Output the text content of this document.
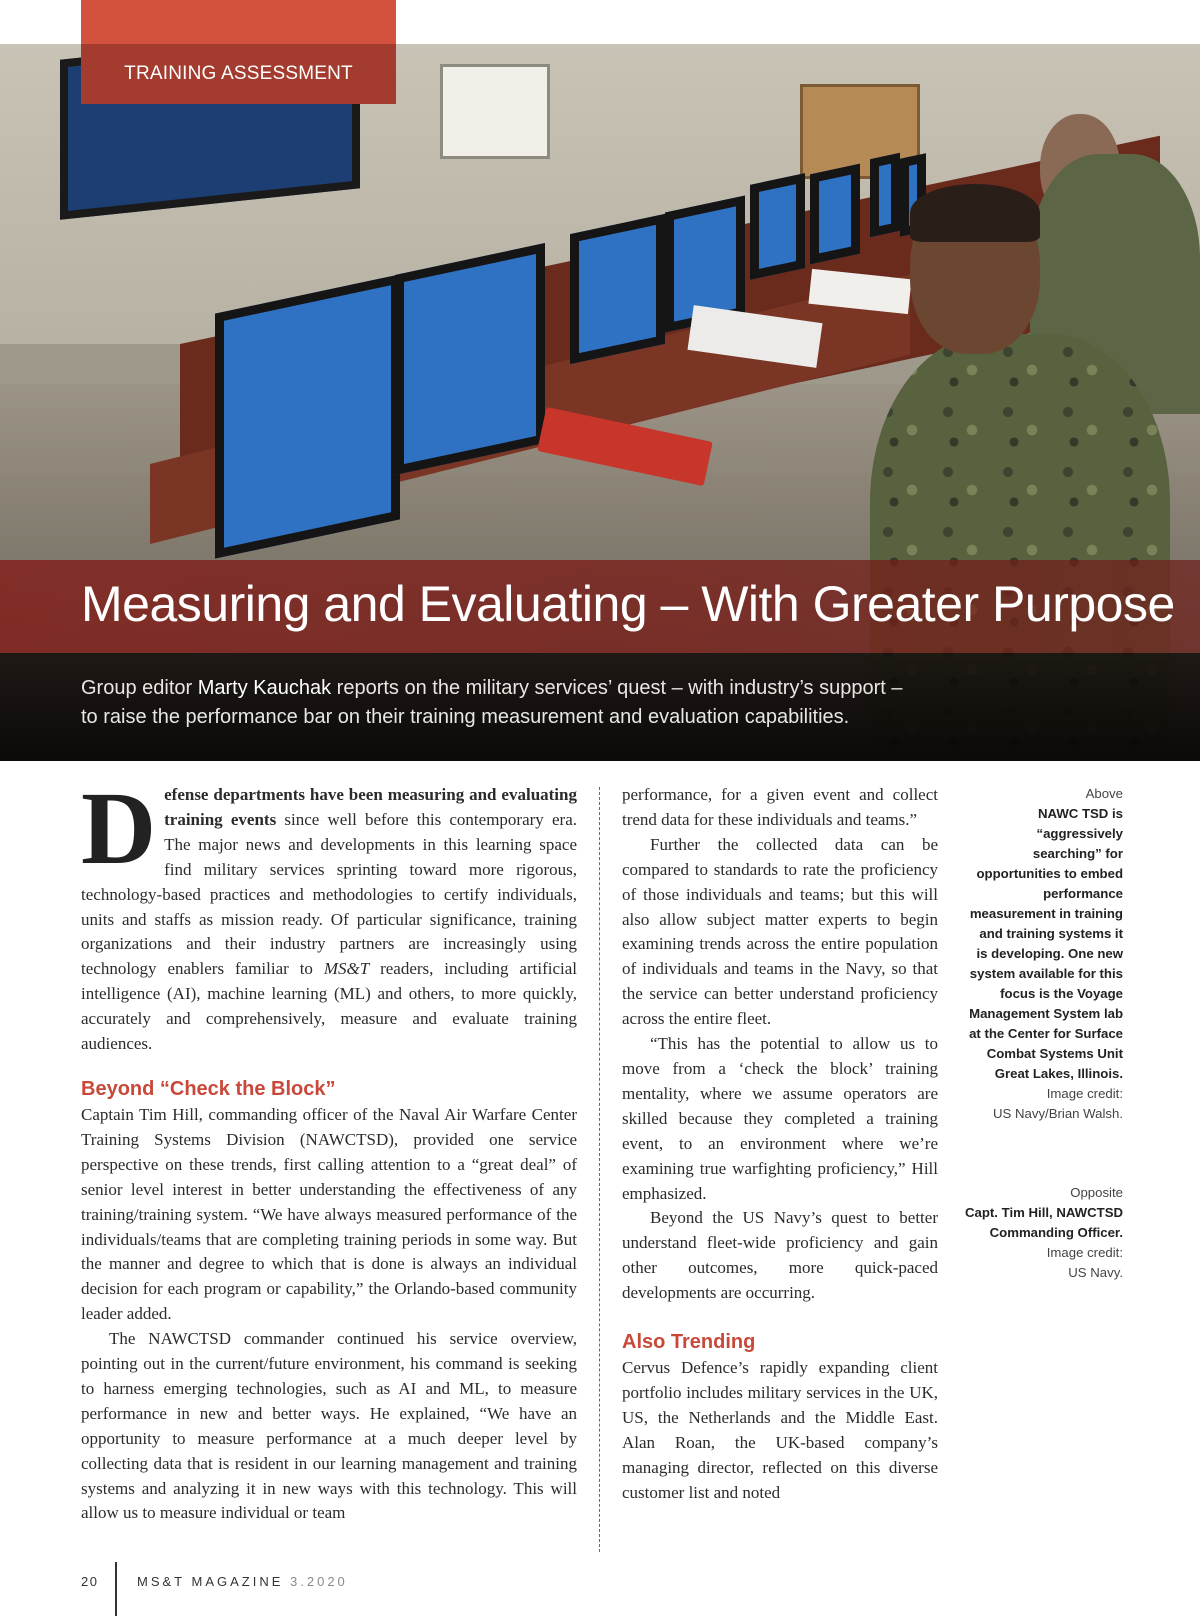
TRAINING ASSESSMENT
Measuring and Evaluating – With Greater Purpose

Group editor Marty Kauchak reports on the military services’ quest – with industry’s support –
to raise the performance bar on their training measurement and evaluation capabilities.

Defense departments have been measuring and evaluating training events since well before this contemporary era. The major news and developments in this learning space find military services sprinting toward more rigorous, technology-based practices and methodologies to certify individuals, units and staffs as mission ready. Of particular significance, training organizations and their industry partners are increasingly using technology enablers familiar to MS&T readers, including artificial intelligence (AI), machine learning (ML) and others, to more quickly, accurately and comprehensively, measure and evaluate training audiences.

Beyond “Check the Block”

Captain Tim Hill, commanding officer of the Naval Air Warfare Center Training Systems Division (NAWCTSD), provided one service perspective on these trends, first calling attention to a “great deal” of senior level interest in better understanding the effectiveness of any training/training system. “We have always measured performance of the individuals/teams that are completing training periods in some way. But the manner and degree to which that is done is always an individual decision for each program or capability,” the Orlando-based community leader added.

The NAWCTSD commander continued his service overview, pointing out in the current/future environment, his command is seeking to harness emerging technologies, such as AI and ML, to measure performance in new and better ways. He explained, “We have an opportunity to measure performance at a much deeper level by collecting data that is resident in our learning management and training systems and analyzing it in new ways with this technology. This will allow us to measure individual or team

performance, for a given event and collect trend data for these individuals and teams.”

Further the collected data can be compared to standards to rate the proficiency of those individuals and teams; but this will also allow subject matter experts to begin examining trends across the entire population of individuals and teams in the Navy, so that the service can better understand proficiency across the entire fleet.

“This has the potential to allow us to move from a ‘check the block’ training mentality, where we assume operators are skilled because they completed a training event, to an environment where we’re examining true warfighting proficiency,” Hill emphasized.

Beyond the US Navy’s quest to better understand fleet-wide proficiency and gain other outcomes, more quick-paced developments are occurring.

Also Trending

Cervus Defence’s rapidly expanding client portfolio includes military services in the UK, US, the Netherlands and the Middle East. Alan Roan, the UK-based company’s managing director, reflected on this diverse customer list and noted

Above
NAWC TSD is “aggressively searching” for opportunities to embed performance measurement in training and training systems it is developing. One new system available for this focus is the Voyage Management System lab at the Center for Surface Combat Systems Unit Great Lakes, Illinois.
Image credit:
US Navy/Brian Walsh.
Opposite
Capt. Tim Hill, NAWCTSD Commanding Officer.
Image credit:
US Navy.
20	MS&T MAGAZINE 3.2020
